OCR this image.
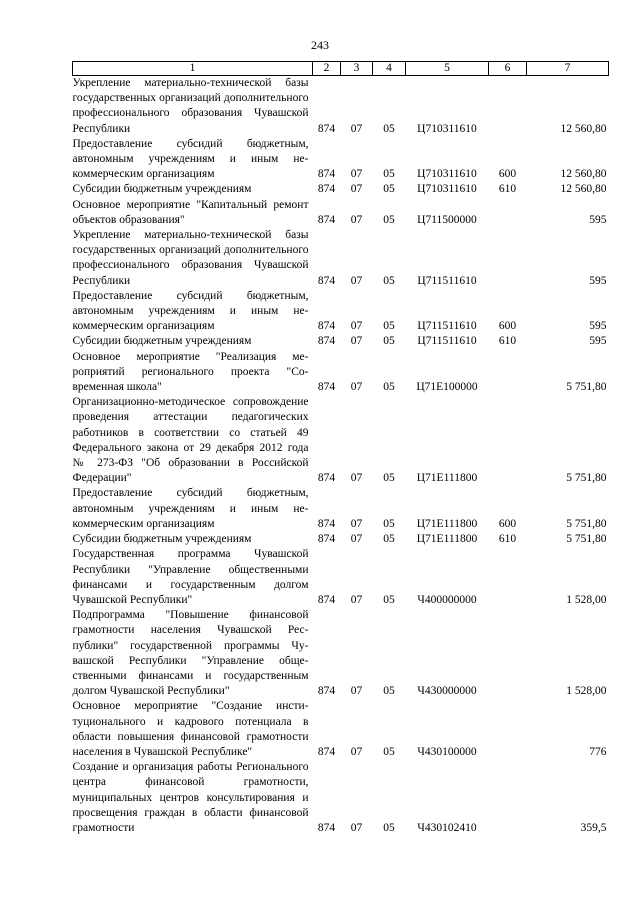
243
1	2	3	4	5	6	7
Укрепление материально-технической базы государственных организаций дополнительного профессионального образования Чувашской Республики	874	07	05	Ц710311610		12 560,80
Предоставление субсидий бюджетным, автономным учреждениям и иным некоммерческим организациям	874	07	05	Ц710311610	600	12 560,80
Субсидии бюджетным учреждениям	874	07	05	Ц710311610	610	12 560,80
Основное мероприятие "Капитальный ремонт объектов образования"	874	07	05	Ц711500000		595
Укрепление материально-технической базы государственных организаций дополнительного профессионального образования Чувашской Республики	874	07	05	Ц711511610		595
Предоставление субсидий бюджетным, автономным учреждениям и иным некоммерческим организациям	874	07	05	Ц711511610	600	595
Субсидии бюджетным учреждениям	874	07	05	Ц711511610	610	595
Основное мероприятие "Реализация мероприятий регионального проекта "Современная школа"	874	07	05	Ц71Е100000		5 751,80
Организационно-методическое сопровождение проведения аттестации педагогических работников в соответствии со статьей 49 Федерального закона от 29 декабря 2012 года № 273-ФЗ "Об образовании в Российской Федерации"	874	07	05	Ц71Е111800		5 751,80
Предоставление субсидий бюджетным, автономным учреждениям и иным некоммерческим организациям	874	07	05	Ц71Е111800	600	5 751,80
Субсидии бюджетным учреждениям	874	07	05	Ц71Е111800	610	5 751,80
Государственная программа Чувашской Республики "Управление общественными финансами и государственным долгом Чувашской Республики"	874	07	05	Ч400000000		1 528,00
Подпрограмма "Повышение финансовой грамотности населения Чувашской Республики" государственной программы Чувашской Республики "Управление общественными финансами и государственным долгом Чувашской Республики"	874	07	05	Ч430000000		1 528,00
Основное мероприятие "Создание институционального и кадрового потенциала в области повышения финансовой грамотности населения в Чувашской Республике"	874	07	05	Ч430100000		776
Создание и организация работы Регионального центра финансовой грамотности, муниципальных центров консультирования и просвещения граждан в области финансовой грамотности	874	07	05	Ч430102410		359,5
